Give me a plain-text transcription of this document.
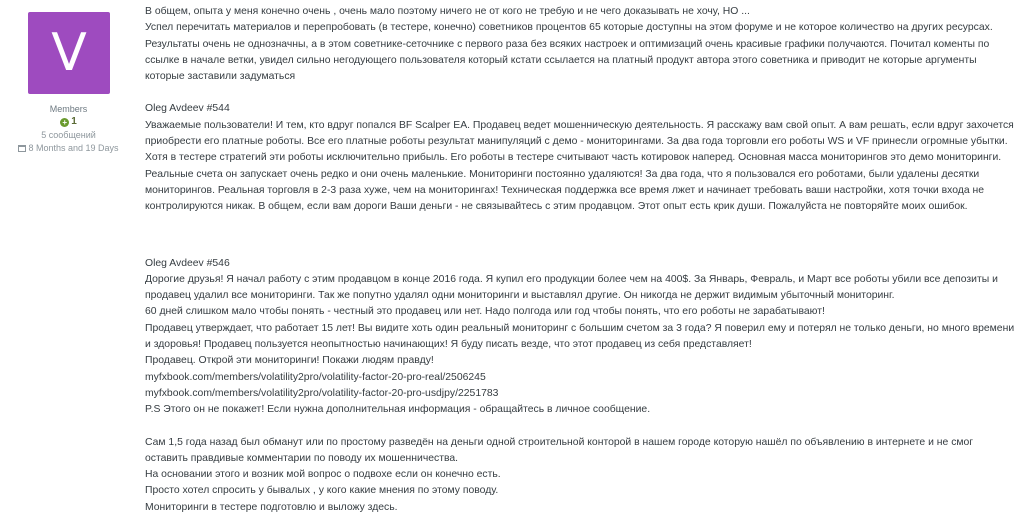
V
Members
+ 1
5 сообщений
8 Months and 19 Days

В общем, опыта у меня конечно очень , очень мало поэтому ничего не от кого не требую и не чего доказывать не хочу, НО ...

Успел перечитать материалов и перепробовать (в тестере, конечно) советников процентов 65 которые доступны на этом форуме и не которое количество на других ресурсах.

Результаты очень не однозначны, а в этом советнике-сеточнике с первого раза без всяких настроек и оптимизаций очень красивые графики получаются. Почитал коменты по ссылке в начале ветки, увидел сильно негодующего пользователя который кстати ссылается на платный продукт автора этого советника и приводит не которые аргументы которые заставили задуматься

Oleg Avdeev #544

Уважаемые пользователи! И тем, кто вдруг попался BF Scalper EA. Продавец ведет мошенническую деятельность. Я расскажу вам свой опыт. А вам решать, если вдруг захочется приобрести его платные роботы. Все его платные роботы результат манипуляций с демо - мониторингами. За два года торговли его роботы WS и VF принесли огромные убытки. Хотя в тестере стратегий эти роботы исключительно прибыль. Его роботы в тестере считывают часть котировок наперед. Основная масса мониторингов это демо мониторинги. Реальные счета он запускает очень редко и они очень маленькие. Мониторинги постоянно удаляются! За два года, что я пользовался его роботами, были удалены десятки мониторингов. Реальная торговля в 2-3 раза хуже, чем на мониторингах! Техническая поддержка все время лжет и начинает требовать ваши настройки, хотя точки входа не контролируются никак. В общем, если вам дороги Ваши деньги - не связывайтесь с этим продавцом. Этот опыт есть крик души. Пожалуйста не повторяйте моих ошибок.

Oleg Avdeev #546

Дорогие друзья! Я начал работу с этим продавцом в конце 2016 года. Я купил его продукции более чем на 400$. За Январь, Февраль, и Март все роботы убили все депозиты и продавец удалил все мониторинги. Так же попутно удалял одни мониторинги и выставлял другие. Он никогда не держит видимым убыточный мониторинг.

60 дней слишком мало чтобы понять - честный это продавец или нет. Надо полгода или год чтобы понять, что его роботы не зарабатывают!

Продавец утверждает, что работает 15 лет! Вы видите хоть один реальный мониторинг с большим счетом за 3 года? Я поверил ему и потерял не только деньги, но много времени и здоровья! Продавец пользуется неопытностью начинающих! Я буду писать везде, что этот продавец из себя представляет!

Продавец. Открой эти мониторинги! Покажи людям правду!

myfxbook.com/members/volatility2pro/volatility-factor-20-pro-real/2506245

myfxbook.com/members/volatility2pro/volatility-factor-20-pro-usdjpy/2251783

P.S Этого он не покажет! Если нужна дополнительная информация - обращайтесь в личное сообщение.

Сам 1,5 года назад был обманут или по простому разведён на деньги одной строительной конторой в нашем городе которую нашёл по объявлению в интернете и не смог оставить правдивые комментарии по поводу их мошенничества.

На основании этого и возник мой вопрос о подвохе если он конечно есть.

Просто хотел спросить у бывалых , у кого какие мнения по этому поводу.

Мониторинги в тестере подготовлю и выложу здесь.
